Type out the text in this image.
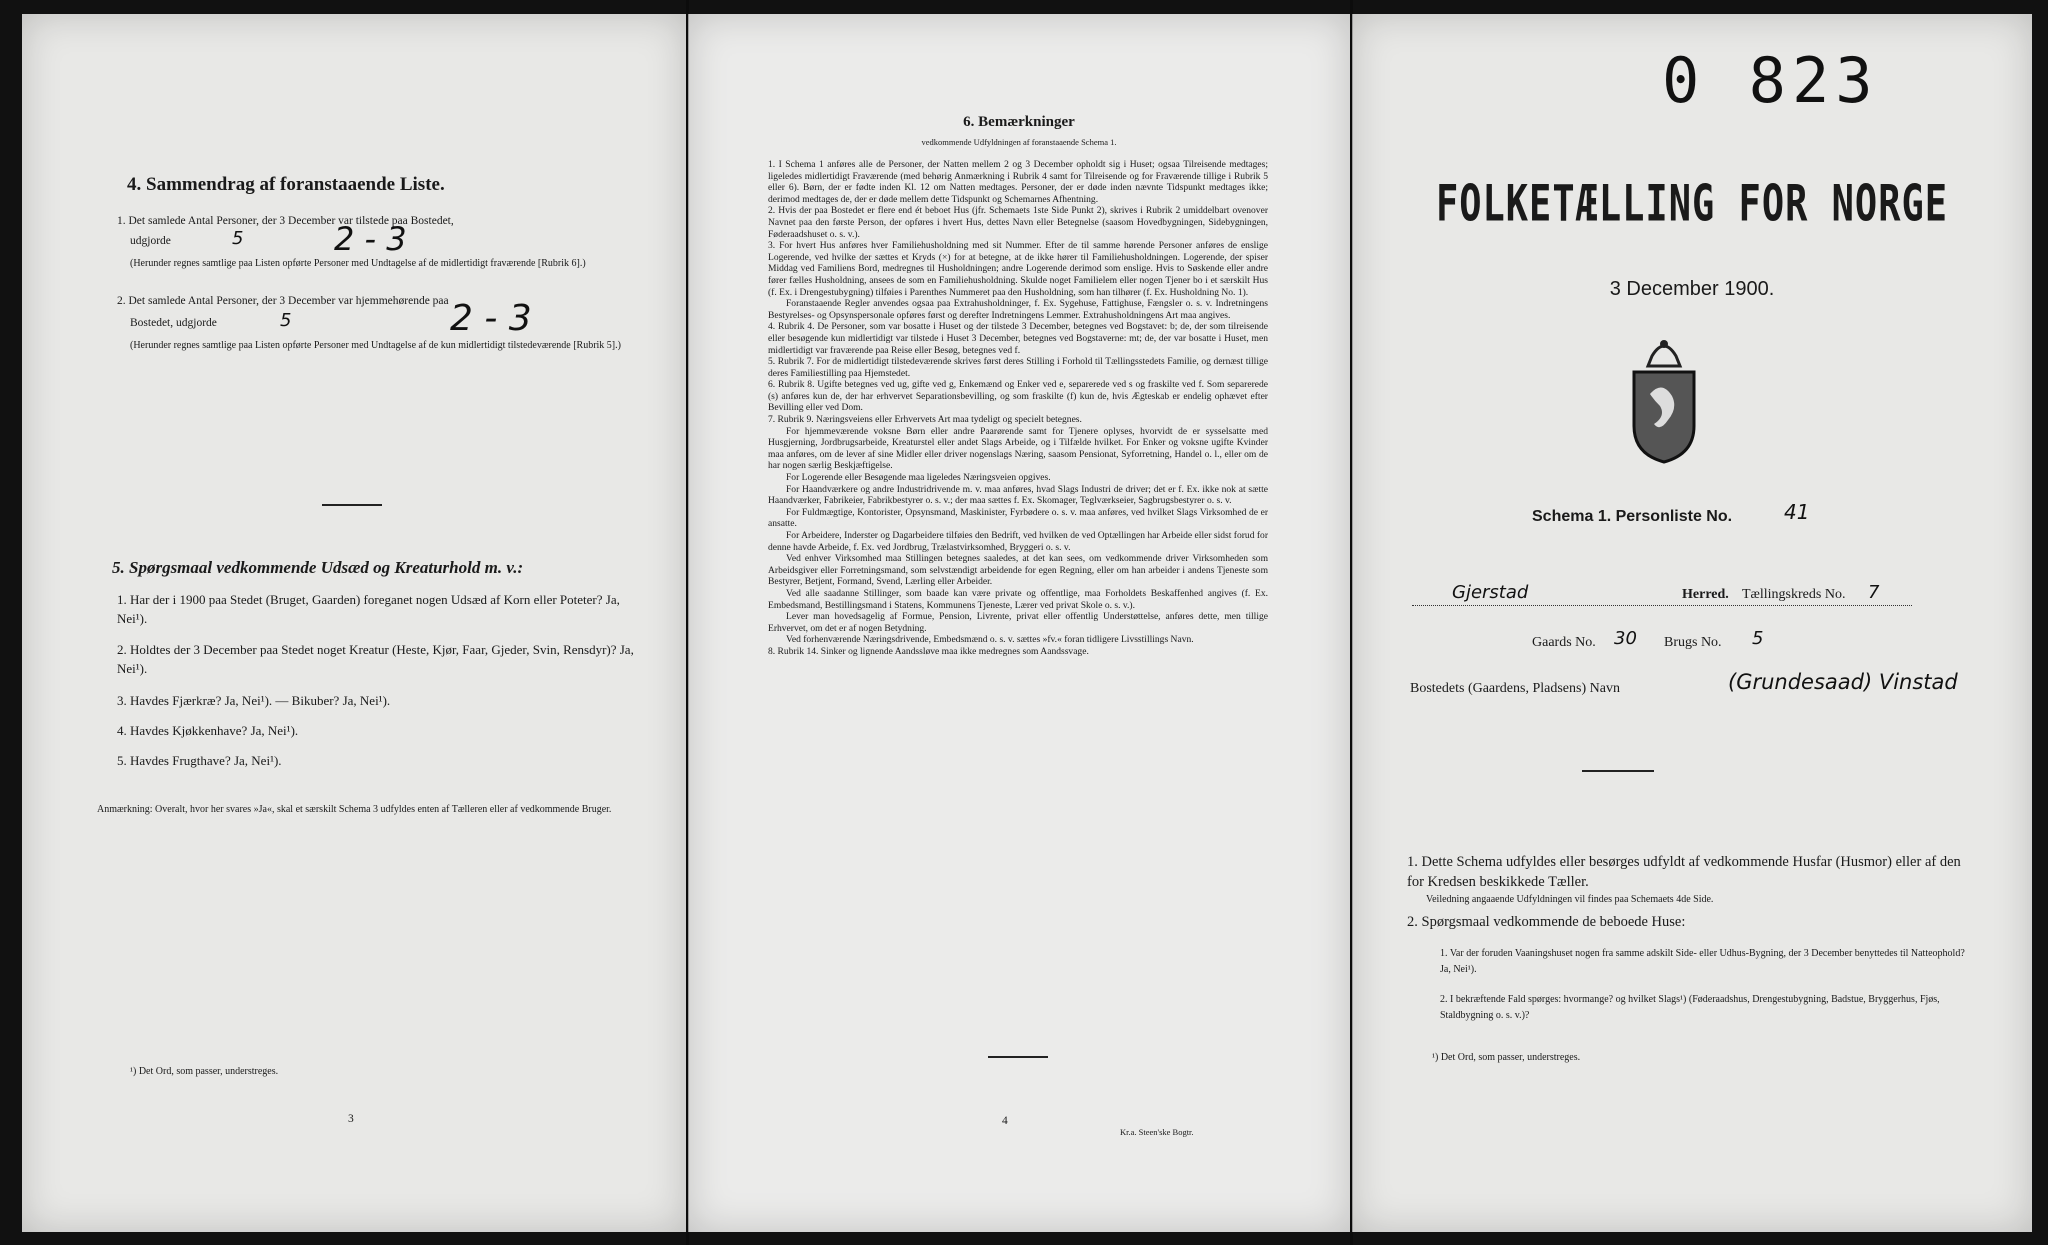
4. Sammendrag af foranstaaende Liste.
1. Det samlede Antal Personer, der 3 December var tilstede paa Bostedet,
udgjorde	5	2 - 3
(Herunder regnes samtlige paa Listen opførte Personer med Undtagelse af de midlertidigt fraværende [Rubrik 6].)
2. Det samlede Antal Personer, der 3 December var hjemmehørende paa
Bostedet, udgjorde	5	2 - 3
(Herunder regnes samtlige paa Listen opførte Personer med Undtagelse af de kun midlertidigt tilstedeværende [Rubrik 5].)
5. Spørgsmaal vedkommende Udsæd og Kreaturhold m. v.:
1. Har der i 1900 paa Stedet (Bruget, Gaarden) foreganet nogen Udsæd af Korn eller Poteter? Ja, Nei¹).
2. Holdtes der 3 December paa Stedet noget Kreatur (Heste, Kjør, Faar, Gjeder, Svin, Rensdyr)? Ja, Nei¹).
3. Havdes Fjærkræ? Ja, Nei¹). — Bikuber? Ja, Nei¹).
4. Havdes Kjøkkenhave? Ja, Nei¹).
5. Havdes Frugthave? Ja, Nei¹).
Anmærkning: Overalt, hvor her svares »Ja«, skal et særskilt Schema 3 udfyldes enten af Tælleren eller af vedkommende Bruger.
¹) Det Ord, som passer, understreges.
3
6. Bemærkninger
vedkommende Udfyldningen af foranstaaende Schema 1.

1. I Schema 1 anføres alle de Personer, der Natten mellem 2 og 3 December opholdt sig i Huset; ogsaa Tilreisende medtages; ligeledes midlertidigt Fraværende (med behørig Anmærkning i Rubrik 4 samt for Tilreisende og for Fraværende tillige i Rubrik 5 eller 6). Børn, der er fødte inden Kl. 12 om Natten medtages. Personer, der er døde inden nævnte Tidspunkt medtages ikke; derimod medtages de, der er døde mellem dette Tidspunkt og Schemarnes Afhentning.

2. Hvis der paa Bostedet er flere end ét beboet Hus (jfr. Schemaets 1ste Side Punkt 2), skrives i Rubrik 2 umiddelbart ovenover Navnet paa den første Person, der opføres i hvert Hus, dettes Navn eller Betegnelse (saasom Hovedbygningen, Sidebygningen, Føderaadshuset o. s. v.).

3. For hvert Hus anføres hver Familiehusholdning med sit Nummer. Efter de til samme hørende Personer anføres de enslige Logerende, ved hvilke der sættes et Kryds (×) for at betegne, at de ikke hører til Familiehusholdningen. Logerende, der spiser Middag ved Familiens Bord, medregnes til Husholdningen; andre Logerende derimod som enslige. Hvis to Søskende eller andre fører fælles Husholdning, ansees de som en Familiehusholdning. Skulde noget Familielem eller nogen Tjener bo i et særskilt Hus (f. Ex. i Drengestubygning) tilføies i Parenthes Nummeret paa den Husholdning, som han tilhører (f. Ex. Husholdning No. 1).

Foranstaaende Regler anvendes ogsaa paa Extrahusholdninger, f. Ex. Sygehuse, Fattighuse, Fængsler o. s. v. Indretningens Bestyrelses- og Opsynspersonale opføres først og derefter Indretningens Lemmer. Extrahusholdningens Art maa angives.

4. Rubrik 4. De Personer, som var bosatte i Huset og der tilstede 3 December, betegnes ved Bogstavet: b; de, der som tilreisende eller besøgende kun midlertidigt var tilstede i Huset 3 December, betegnes ved Bogstaverne: mt; de, der var bosatte i Huset, men midlertidigt var fraværende paa Reise eller Besøg, betegnes ved f.

5. Rubrik 7. For de midlertidigt tilstedeværende skrives først deres Stilling i Forhold til Tællingsstedets Familie, og dernæst tillige deres Familiestilling paa Hjemstedet.

6. Rubrik 8. Ugifte betegnes ved ug, gifte ved g, Enkemænd og Enker ved e, separerede ved s og fraskilte ved f. Som separerede (s) anføres kun de, der har erhvervet Separationsbevilling, og som fraskilte (f) kun de, hvis Ægteskab er endelig ophævet efter Bevilling eller ved Dom.

7. Rubrik 9. Næringsveiens eller Erhvervets Art maa tydeligt og specielt betegnes.

For hjemmeværende voksne Børn eller andre Paarørende samt for Tjenere oplyses, hvorvidt de er sysselsatte med Husgjerning, Jordbrugsarbeide, Kreaturstel eller andet Slags Arbeide, og i Tilfælde hvilket. For Enker og voksne ugifte Kvinder maa anføres, om de lever af sine Midler eller driver nogenslags Næring, saasom Pensionat, Syforretning, Handel o. l., eller om de har nogen særlig Beskjæftigelse.

For Logerende eller Besøgende maa ligeledes Næringsveien opgives.

For Haandværkere og andre Industridrivende m. v. maa anføres, hvad Slags Industri de driver; det er f. Ex. ikke nok at sætte Haandværker, Fabrikeier, Fabrikbestyrer o. s. v.; der maa sættes f. Ex. Skomager, Teglværkseier, Sagbrugsbestyrer o. s. v.

For Fuldmægtige, Kontorister, Opsynsmand, Maskinister, Fyrbødere o. s. v. maa anføres, ved hvilket Slags Virksomhed de er ansatte.

For Arbeidere, Inderster og Dagarbeidere tilføies den Bedrift, ved hvilken de ved Optællingen har Arbeide eller sidst forud for denne havde Arbeide, f. Ex. ved Jordbrug, Trælastvirksomhed, Bryggeri o. s. v.

Ved enhver Virksomhed maa Stillingen betegnes saaledes, at det kan sees, om vedkommende driver Virksomheden som Arbeidsgiver eller Forretningsmand, som selvstændigt arbeidende for egen Regning, eller om han arbeider i andens Tjeneste som Bestyrer, Betjent, Formand, Svend, Lærling eller Arbeider.

Ved alle saadanne Stillinger, som baade kan være private og offentlige, maa Forholdets Beskaffenhed angives (f. Ex. Embedsmand, Bestillingsmand i Statens, Kommunens Tjeneste, Lærer ved privat Skole o. s. v.).

Lever man hovedsagelig af Formue, Pension, Livrente, privat eller offentlig Understøttelse, anføres dette, men tillige Erhvervet, om det er af nogen Betydning.

Ved forhenværende Næringsdrivende, Embedsmænd o. s. v. sættes »fv.« foran tidligere Livsstillings Navn.

8. Rubrik 14. Sinker og lignende Aandssløve maa ikke medregnes som Aandssvage.

4
Kr.a. Steen'ske Bogtr.
0 823
FOLKETÆLLING FOR NORGE
3 December 1900.
Schema 1. Personliste No.	41
Gjerstad	Herred. Tællingskreds No. 7
Gaards No. 30 Brugs No. 5
Bostedets (Gaardens, Pladsens) Navn	(Grundesaad) Vinstad
1. Dette Schema udfyldes eller besørges udfyldt af vedkommende Husfar (Husmor) eller af den for Kredsen beskikkede Tæller.
Veiledning angaaende Udfyldningen vil findes paa Schemaets 4de Side.
2. Spørgsmaal vedkommende de beboede Huse:
1. Var der foruden Vaaningshuset nogen fra samme adskilt Side- eller Udhus-Bygning, der 3 December benyttedes til Natteophold? Ja, Nei¹).
2. I bekræftende Fald spørges: hvormange? og hvilket Slags¹) (Føderaadshus, Drengestubygning, Badstue, Bryggerhus, Fjøs, Staldbygning o. s. v.)?
¹) Det Ord, som passer, understreges.
